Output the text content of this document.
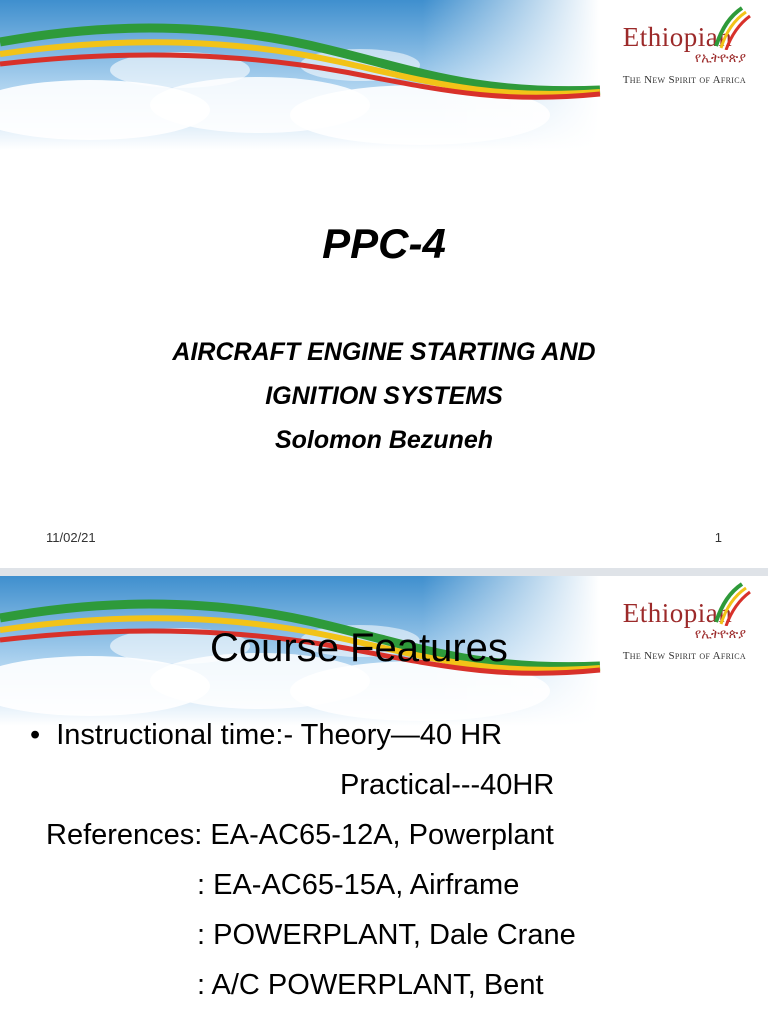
Ethiopian
የኢትዮጵያ
The New Spirit of Africa
PPC-4
AIRCRAFT ENGINE STARTING AND
IGNITION SYSTEMS
Solomon Bezuneh
11/02/21	1
Ethiopian
የኢትዮጵያ
The New Spirit of Africa
Course Features
• Instructional time:- Theory—40 HR
Practical---40HR
References: EA-AC65-12A, Powerplant
: EA-AC65-15A, Airframe
: POWERPLANT, Dale Crane
: A/C POWERPLANT, Bent
